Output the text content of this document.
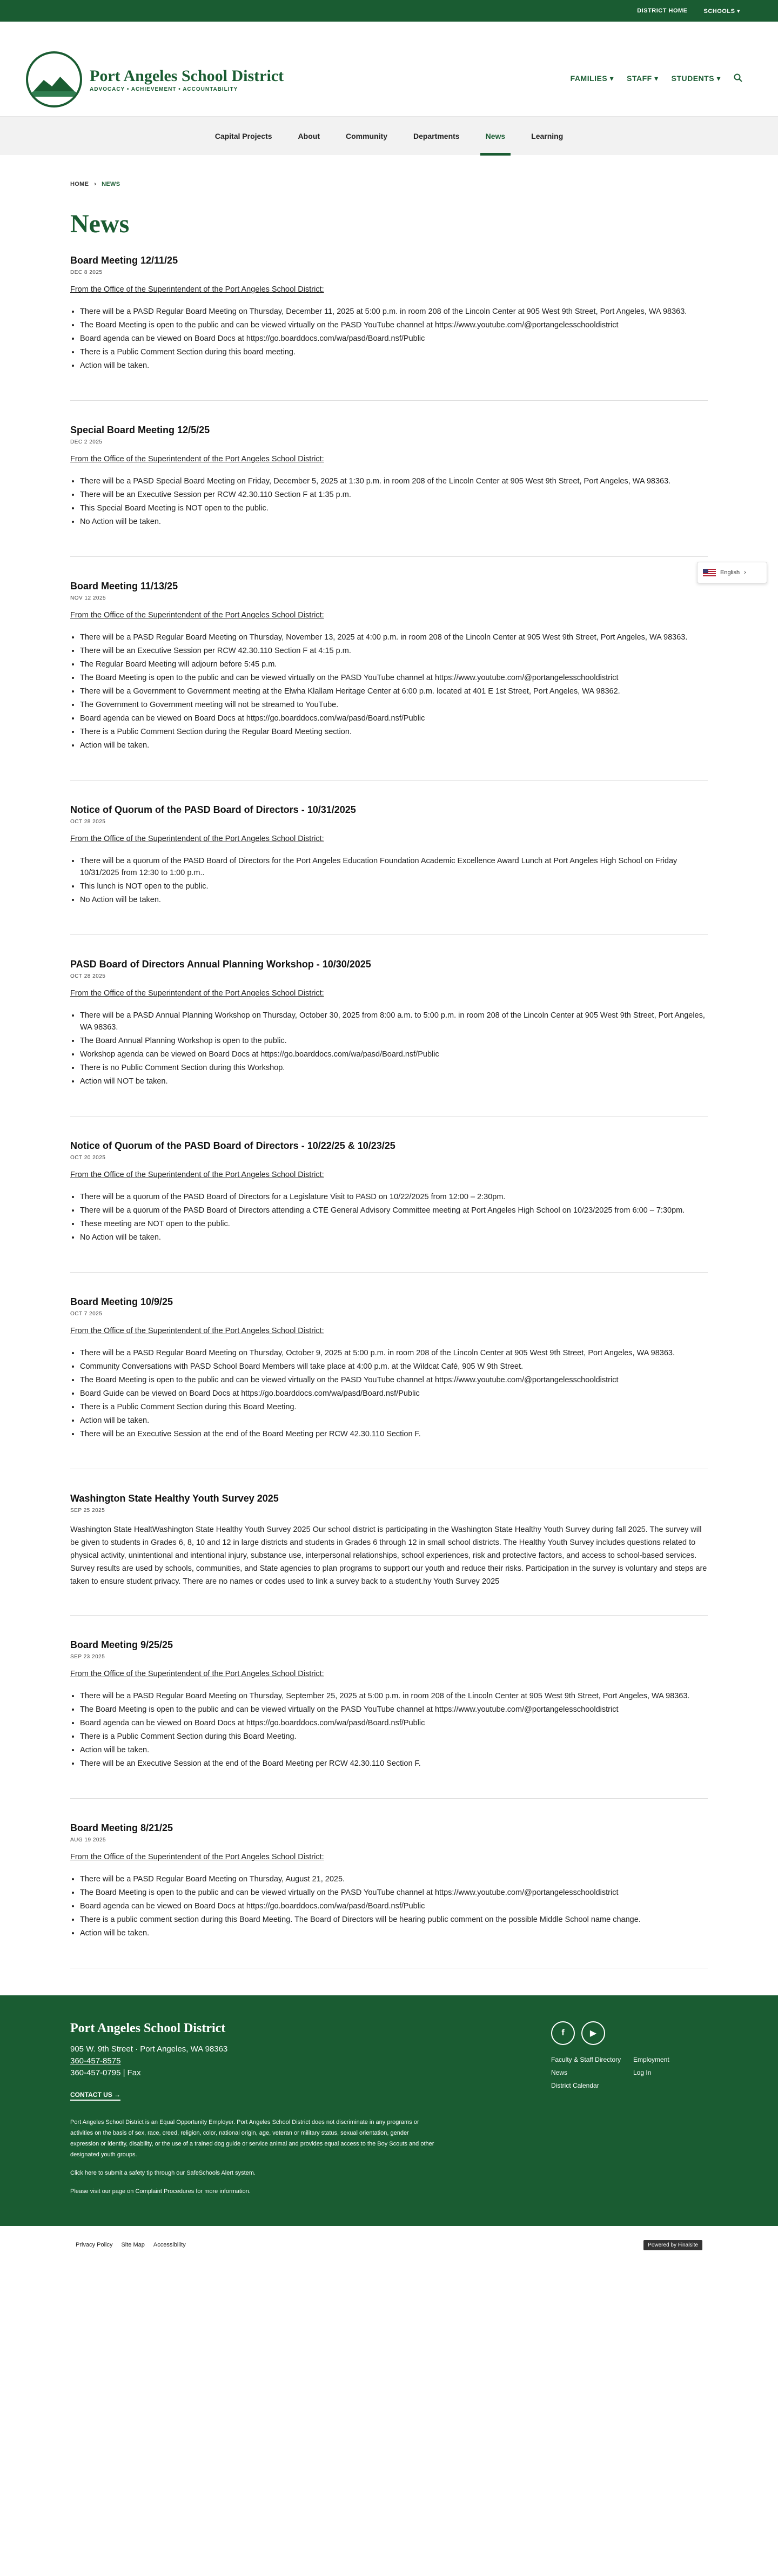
DISTRICT HOME	SCHOOLS ▾
Port Angeles School District
ADVOCACY • ACHIEVEMENT • ACCOUNTABILITY
FAMILIES ▾ STAFF ▾ STUDENTS ▾
Capital Projects	About	Community	Departments	News	Learning
English ›
HOME › NEWS
News
Board Meeting 12/11/25
DEC 8 2025
From the Office of the Superintendent of the Port Angeles School District:
• There will be a PASD Regular Board Meeting on Thursday, December 11, 2025 at 5:00 p.m. in room 208 of the Lincoln Center at 905 West 9th Street, Port Angeles, WA 98363.
• The Board Meeting is open to the public and can be viewed virtually on the PASD YouTube channel at https://www.youtube.com/@portangelesschooldistrict
• Board agenda can be viewed on Board Docs at https://go.boarddocs.com/wa/pasd/Board.nsf/Public
• There is a Public Comment Section during this board meeting.
• Action will be taken.
Special Board Meeting 12/5/25
DEC 2 2025
From the Office of the Superintendent of the Port Angeles School District:
• There will be a PASD Special Board Meeting on Friday, December 5, 2025 at 1:30 p.m. in room 208 of the Lincoln Center at 905 West 9th Street, Port Angeles, WA 98363.
• There will be an Executive Session per RCW 42.30.110 Section F at 1:35 p.m.
• This Special Board Meeting is NOT open to the public.
• No Action will be taken.
Board Meeting 11/13/25
NOV 12 2025
From the Office of the Superintendent of the Port Angeles School District:
• There will be a PASD Regular Board Meeting on Thursday, November 13, 2025 at 4:00 p.m. in room 208 of the Lincoln Center at 905 West 9th Street, Port Angeles, WA 98363.
• There will be an Executive Session per RCW 42.30.110 Section F at 4:15 p.m.
• The Regular Board Meeting will adjourn before 5:45 p.m.
• The Board Meeting is open to the public and can be viewed virtually on the PASD YouTube channel at https://www.youtube.com/@portangelesschooldistrict
• There will be a Government to Government meeting at the Elwha Klallam Heritage Center at 6:00 p.m. located at 401 E 1st Street, Port Angeles, WA 98362.
• The Government to Government meeting will not be streamed to YouTube.
• Board agenda can be viewed on Board Docs at https://go.boarddocs.com/wa/pasd/Board.nsf/Public
• There is a Public Comment Section during the Regular Board Meeting section.
• Action will be taken.
Notice of Quorum of the PASD Board of Directors - 10/31/2025
OCT 28 2025
From the Office of the Superintendent of the Port Angeles School District:
• There will be a quorum of the PASD Board of Directors for the Port Angeles Education Foundation Academic Excellence Award Lunch at Port Angeles High School on Friday 10/31/2025 from 12:30 to 1:00 p.m..
• This lunch is NOT open to the public.
• No Action will be taken.
PASD Board of Directors Annual Planning Workshop - 10/30/2025
OCT 28 2025
From the Office of the Superintendent of the Port Angeles School District:
• There will be a PASD Annual Planning Workshop on Thursday, October 30, 2025 from 8:00 a.m. to 5:00 p.m. in room 208 of the Lincoln Center at 905 West 9th Street, Port Angeles, WA 98363.
• The Board Annual Planning Workshop is open to the public.
• Workshop agenda can be viewed on Board Docs at https://go.boarddocs.com/wa/pasd/Board.nsf/Public
• There is no Public Comment Section during this Workshop.
• Action will NOT be taken.
Notice of Quorum of the PASD Board of Directors - 10/22/25 & 10/23/25
OCT 20 2025
From the Office of the Superintendent of the Port Angeles School District:
• There will be a quorum of the PASD Board of Directors for a Legislature Visit to PASD on 10/22/2025 from 12:00 – 2:30pm.
• There will be a quorum of the PASD Board of Directors attending a CTE General Advisory Committee meeting at Port Angeles High School on 10/23/2025 from 6:00 – 7:30pm.
• These meeting are NOT open to the public.
• No Action will be taken.
Board Meeting 10/9/25
OCT 7 2025
From the Office of the Superintendent of the Port Angeles School District:
• There will be a PASD Regular Board Meeting on Thursday, October 9, 2025 at 5:00 p.m. in room 208 of the Lincoln Center at 905 West 9th Street, Port Angeles, WA 98363.
• Community Conversations with PASD School Board Members will take place at 4:00 p.m. at the Wildcat Café, 905 W 9th Street.
• The Board Meeting is open to the public and can be viewed virtually on the PASD YouTube channel at https://www.youtube.com/@portangelesschooldistrict
• Board Guide can be viewed on Board Docs at https://go.boarddocs.com/wa/pasd/Board.nsf/Public
• There is a Public Comment Section during this Board Meeting.
• Action will be taken.
• There will be an Executive Session at the end of the Board Meeting per RCW 42.30.110 Section F.
Washington State Healthy Youth Survey 2025
SEP 25 2025

Washington State HealtWashington State Healthy Youth Survey 2025 Our school district is participating in the Washington State Healthy Youth Survey during fall 2025. The survey will be given to students in Grades 6, 8, 10 and 12 in large districts and students in Grades 6 through 12 in small school districts. The Healthy Youth Survey includes questions related to physical activity, unintentional and intentional injury, substance use, interpersonal relationships, school experiences, risk and protective factors, and access to school-based services. Survey results are used by schools, communities, and State agencies to plan programs to support our youth and reduce their risks. Participation in the survey is voluntary and steps are taken to ensure student privacy. There are no names or codes used to link a survey back to a student.hy Youth Survey 2025

Board Meeting 9/25/25
SEP 23 2025
From the Office of the Superintendent of the Port Angeles School District:
• There will be a PASD Regular Board Meeting on Thursday, September 25, 2025 at 5:00 p.m. in room 208 of the Lincoln Center at 905 West 9th Street, Port Angeles, WA 98363.
• The Board Meeting is open to the public and can be viewed virtually on the PASD YouTube channel at https://www.youtube.com/@portangelesschooldistrict
• Board agenda can be viewed on Board Docs at https://go.boarddocs.com/wa/pasd/Board.nsf/Public
• There is a Public Comment Section during this Board Meeting.
• Action will be taken.
• There will be an Executive Session at the end of the Board Meeting per RCW 42.30.110 Section F.
Board Meeting 8/21/25
AUG 19 2025
From the Office of the Superintendent of the Port Angeles School District:
• There will be a PASD Regular Board Meeting on Thursday, August 21, 2025.
• The Board Meeting is open to the public and can be viewed virtually on the PASD YouTube channel at https://www.youtube.com/@portangelesschooldistrict
• Board agenda can be viewed on Board Docs at https://go.boarddocs.com/wa/pasd/Board.nsf/Public
• There is a public comment section during this Board Meeting. The Board of Directors will be hearing public comment on the possible Middle School name change.
• Action will be taken.
Port Angeles School District
905 W. 9th Street · Port Angeles, WA 98363
360-457-8575
360-457-0795 | Fax
CONTACT US →

Port Angeles School District is an Equal Opportunity Employer. Port Angeles School District does not discriminate in any programs or activities on the basis of sex, race, creed, religion, color, national origin, age, veteran or military status, sexual orientation, gender expression or identity, disability, or the use of a trained dog guide or service animal and provides equal access to the Boy Scouts and other designated youth groups.

Click here to submit a safety tip through our SafeSchools Alert system.

Please visit our page on Complaint Procedures for more information.

f	▶
Faculty & Staff Directory	Employment
News	Log In
District Calendar
Privacy Policy Site Map Accessibility	Powered by Finalsite
